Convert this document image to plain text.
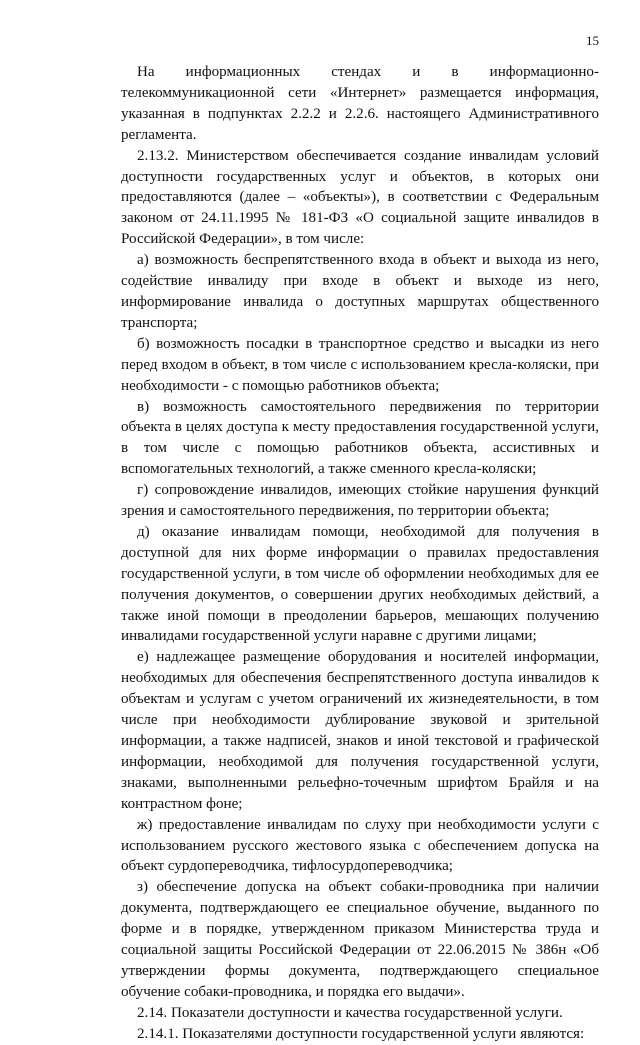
15

На информационных стендах и в информационно-телекоммуникационной сети «Интернет» размещается информация, указанная в подпунктах 2.2.2 и 2.2.6. настоящего Административного регламента.

2.13.2. Министерством обеспечивается создание инвалидам условий доступности государственных услуг и объектов, в которых они предоставляются (далее – «объекты»), в соответствии с Федеральным законом от 24.11.1995 № 181-ФЗ «О социальной защите инвалидов в Российской Федерации», в том числе:

а) возможность беспрепятственного входа в объект и выхода из него, содействие инвалиду при входе в объект и выходе из него, информирование инвалида о доступных маршрутах общественного транспорта;

б) возможность посадки в транспортное средство и высадки из него перед входом в объект, в том числе с использованием кресла-коляски, при необходимости - с помощью работников объекта;

в) возможность самостоятельного передвижения по территории объекта в целях доступа к месту предоставления государственной услуги, в том числе с помощью работников объекта, ассистивных и вспомогательных технологий, а также сменного кресла-коляски;

г) сопровождение инвалидов, имеющих стойкие нарушения функций зрения и самостоятельного передвижения, по территории объекта;

д) оказание инвалидам помощи, необходимой для получения в доступной для них форме информации о правилах предоставления государственной услуги, в том числе об оформлении необходимых для ее получения документов, о совершении других необходимых действий, а также иной помощи в преодолении барьеров, мешающих получению инвалидами государственной услуги наравне с другими лицами;

е) надлежащее размещение оборудования и носителей информации, необходимых для обеспечения беспрепятственного доступа инвалидов к объектам и услугам с учетом ограничений их жизнедеятельности, в том числе при необходимости дублирование звуковой и зрительной информации, а также надписей, знаков и иной текстовой и графической информации, необходимой для получения государственной услуги, знаками, выполненными рельефно-точечным шрифтом Брайля и на контрастном фоне;

ж) предоставление инвалидам по слуху при необходимости услуги с использованием русского жестового языка с обеспечением допуска на объект сурдопереводчика, тифлосурдопереводчика;

з) обеспечение допуска на объект собаки-проводника при наличии документа, подтверждающего ее специальное обучение, выданного по форме и в порядке, утвержденном приказом Министерства труда и социальной защиты Российской Федерации от 22.06.2015 № 386н «Об утверждении формы документа, подтверждающего специальное обучение собаки-проводника, и порядка его выдачи».

2.14. Показатели доступности и качества государственной услуги.

2.14.1. Показателями доступности государственной услуги являются:
